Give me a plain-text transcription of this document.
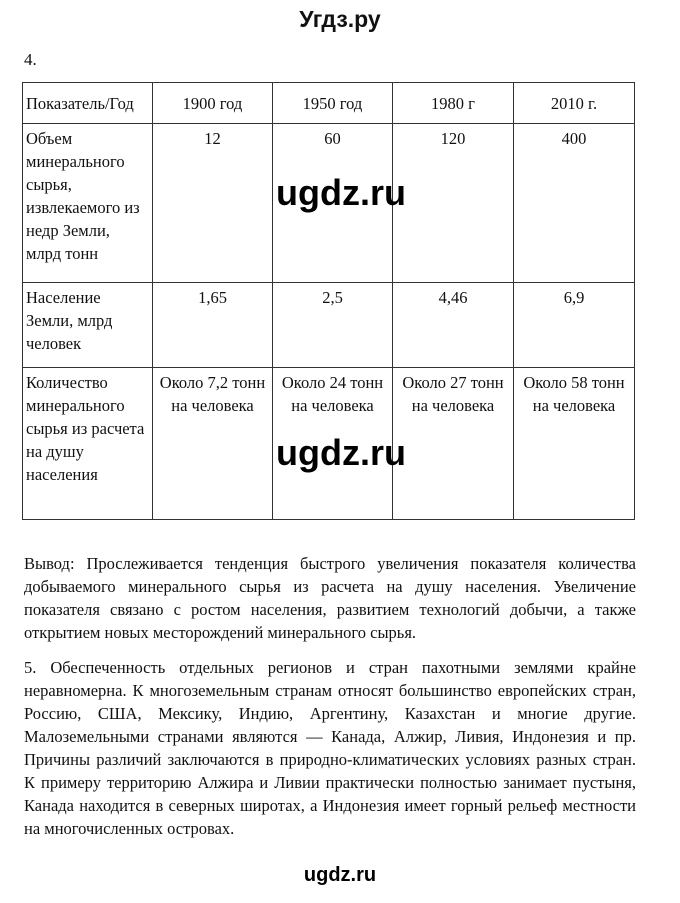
Угдз.ру
4.
Показатель/Год	1900 год	1950 год	1980 г	2010 г.
Объем минерального сырья, извлекаемого из недр Земли, млрд тонн	12	60	120	400
Население Земли, млрд человек	1,65	2,5	4,46	6,9
Количество минерального сырья из расчета на душу населения	Около 7,2 тонн на человека	Около 24 тонн на человека	Около 27 тонн на человека	Около 58 тонн на человека
ugdz.ru
ugdz.ru

Вывод: Прослеживается тенденция быстрого увеличения показателя количества добываемого минерального сырья из расчета на душу населения. Увеличение показателя связано с ростом населения, развитием технологий добычи, а также открытием новых месторождений минерального сырья.

5. Обеспеченность отдельных регионов и стран пахотными землями крайне неравномерна. К многоземельным странам относят большинство европейских стран, Россию, США, Мексику, Индию, Аргентину, Казахстан и многие другие. Малоземельными странами являются — Канада, Алжир, Ливия, Индонезия и пр. Причины различий заключаются в природно-климатических условиях разных стран. К примеру территорию Алжира и Ливии практически полностью занимает пустыня, Канада находится в северных широтах, а Индонезия имеет горный рельеф местности на многочисленных островах.

ugdz.ru
